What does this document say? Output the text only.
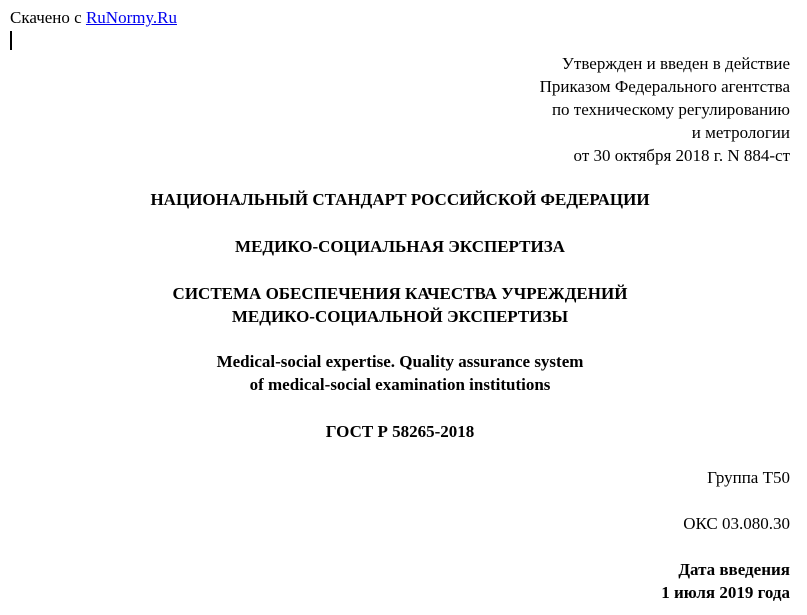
Скачено с RuNormy.Ru
Утвержден и введен в действие
Приказом Федерального агентства
по техническому регулированию
и метрологии
от 30 октября 2018 г. N 884-ст
НАЦИОНАЛЬНЫЙ СТАНДАРТ РОССИЙСКОЙ ФЕДЕРАЦИИ
МЕДИКО-СОЦИАЛЬНАЯ ЭКСПЕРТИЗА
СИСТЕМА ОБЕСПЕЧЕНИЯ КАЧЕСТВА УЧРЕЖДЕНИЙ
МЕДИКО-СОЦИАЛЬНОЙ ЭКСПЕРТИЗЫ
Medical-social expertise. Quality assurance system
of medical-social examination institutions
ГОСТ Р 58265-2018
Группа Т50
ОКС 03.080.30
Дата введения
1 июля 2019 года
